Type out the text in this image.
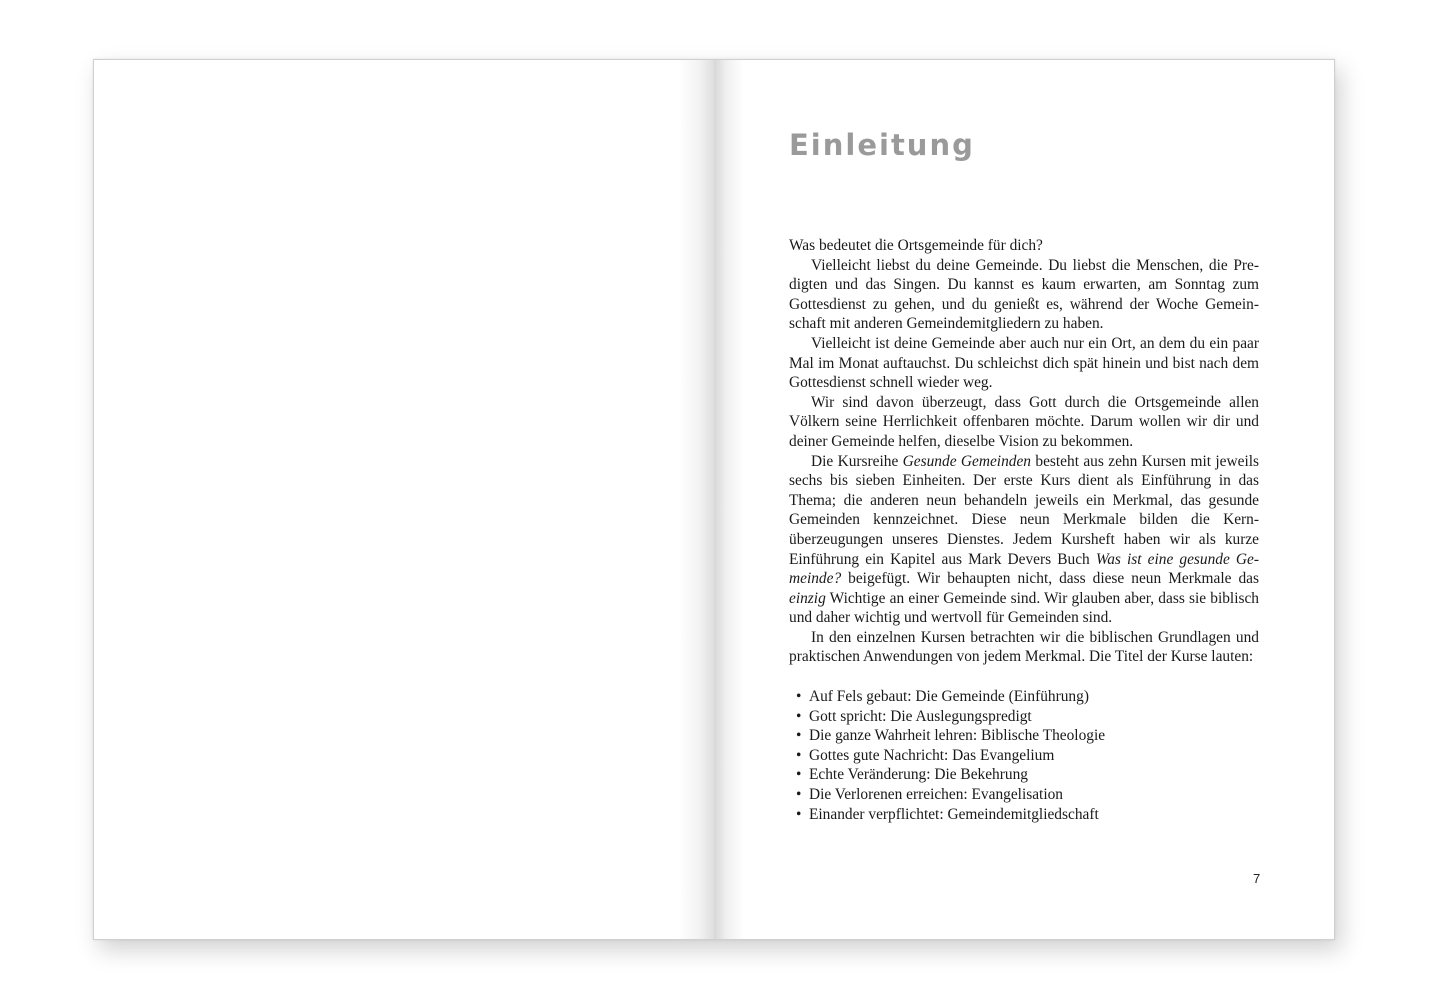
Einleitung

Was bedeutet die Ortsgemeinde für dich?

Vielleicht liebst du deine Gemeinde. Du liebst die Menschen, die Predigten und das Singen. Du kannst es kaum erwarten, am Sonntag zum Gottesdienst zu gehen, und du genießt es, während der Woche Gemeinschaft mit anderen Gemeindemitgliedern zu haben.

Vielleicht ist deine Gemeinde aber auch nur ein Ort, an dem du ein paar Mal im Monat auftauchst. Du schleichst dich spät hinein und bist nach dem Gottesdienst schnell wieder weg.

Wir sind davon überzeugt, dass Gott durch die Ortsgemeinde allen Völkern seine Herrlichkeit offenbaren möchte. Darum wollen wir dir und deiner Gemeinde helfen, dieselbe Vision zu bekommen.

Die Kursreihe Gesunde Gemeinden besteht aus zehn Kursen mit jeweils sechs bis sieben Einheiten. Der erste Kurs dient als Einführung in das Thema; die anderen neun behandeln jeweils ein Merkmal, das gesunde Gemeinden kennzeichnet. Diese neun Merkmale bilden die Kernüberzeugungen unseres Dienstes. Jedem Kursheft haben wir als kurze Einführung ein Kapitel aus Mark Devers Buch Was ist eine gesunde Gemeinde? beigefügt. Wir behaupten nicht, dass diese neun Merkmale das einzig Wichtige an einer Gemeinde sind. Wir glauben aber, dass sie biblisch und daher wichtig und wertvoll für Gemeinden sind.

In den einzelnen Kursen betrachten wir die biblischen Grundlagen und praktischen Anwendungen von jedem Merkmal. Die Titel der Kurse lauten:

• Auf Fels gebaut: Die Gemeinde (Einführung)
• Gott spricht: Die Auslegungspredigt
• Die ganze Wahrheit lehren: Biblische Theologie
• Gottes gute Nachricht: Das Evangelium
• Echte Veränderung: Die Bekehrung
• Die Verlorenen erreichen: Evangelisation
• Einander verpflichtet: Gemeindemitgliedschaft
7
